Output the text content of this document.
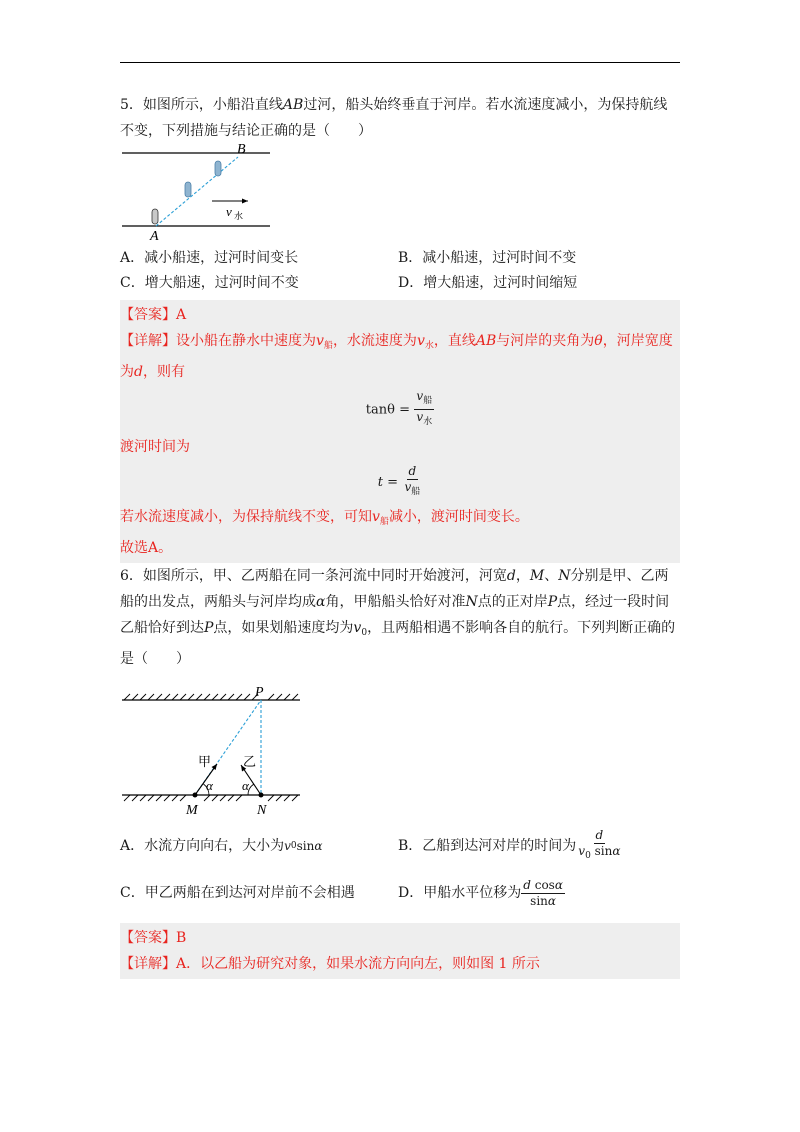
5．如图所示，小船沿直线AB过河，船头始终垂直于河岸。若水流速度减小，为保持航线不变，下列措施与结论正确的是（　　）

A
B
v 水
A．减小船速，过河时间变长	B．减小船速，过河时间不变
C．增大船速，过河时间不变	D．增大船速，过河时间缩短

【答案】A

【详解】设小船在静水中速度为$v_船$，水流速度为$v_水$，直线AB与河岸的夹角为θ，河岸宽度为d，则有

$\tan\theta = \frac{v_船}{v_水}$

渡河时间为

$t = \frac{d}{v_船}$

若水流速度减小，为保持航线不变，可知$v_船$减小，渡河时间变长。

故选A。

6．如图所示，甲、乙两船在同一条河流中同时开始渡河，河宽d，M、N分别是甲、乙两船的出发点，两船头与河岸均成α角，甲船船头恰好对准N点的正对岸P点，经过一段时间乙船恰好到达P点，如果划船速度均为$v_0$，且两船相遇不影响各自的航行。下列判断正确的是（　　）

P
甲 乙
α α
M	N
A．水流方向向右，大小为 v 0 sin α	B．乙船到达河对岸的时间为 $\frac{d}{v_0 \sin\alpha}$
C．甲乙两船在到达河对岸前不会相遇	D．甲船水平位移为 $\frac{\text{d cosα}}{\sin\alpha}$

【答案】B

【详解】A．以乙船为研究对象，如果水流方向向左，则如图 1 所示
